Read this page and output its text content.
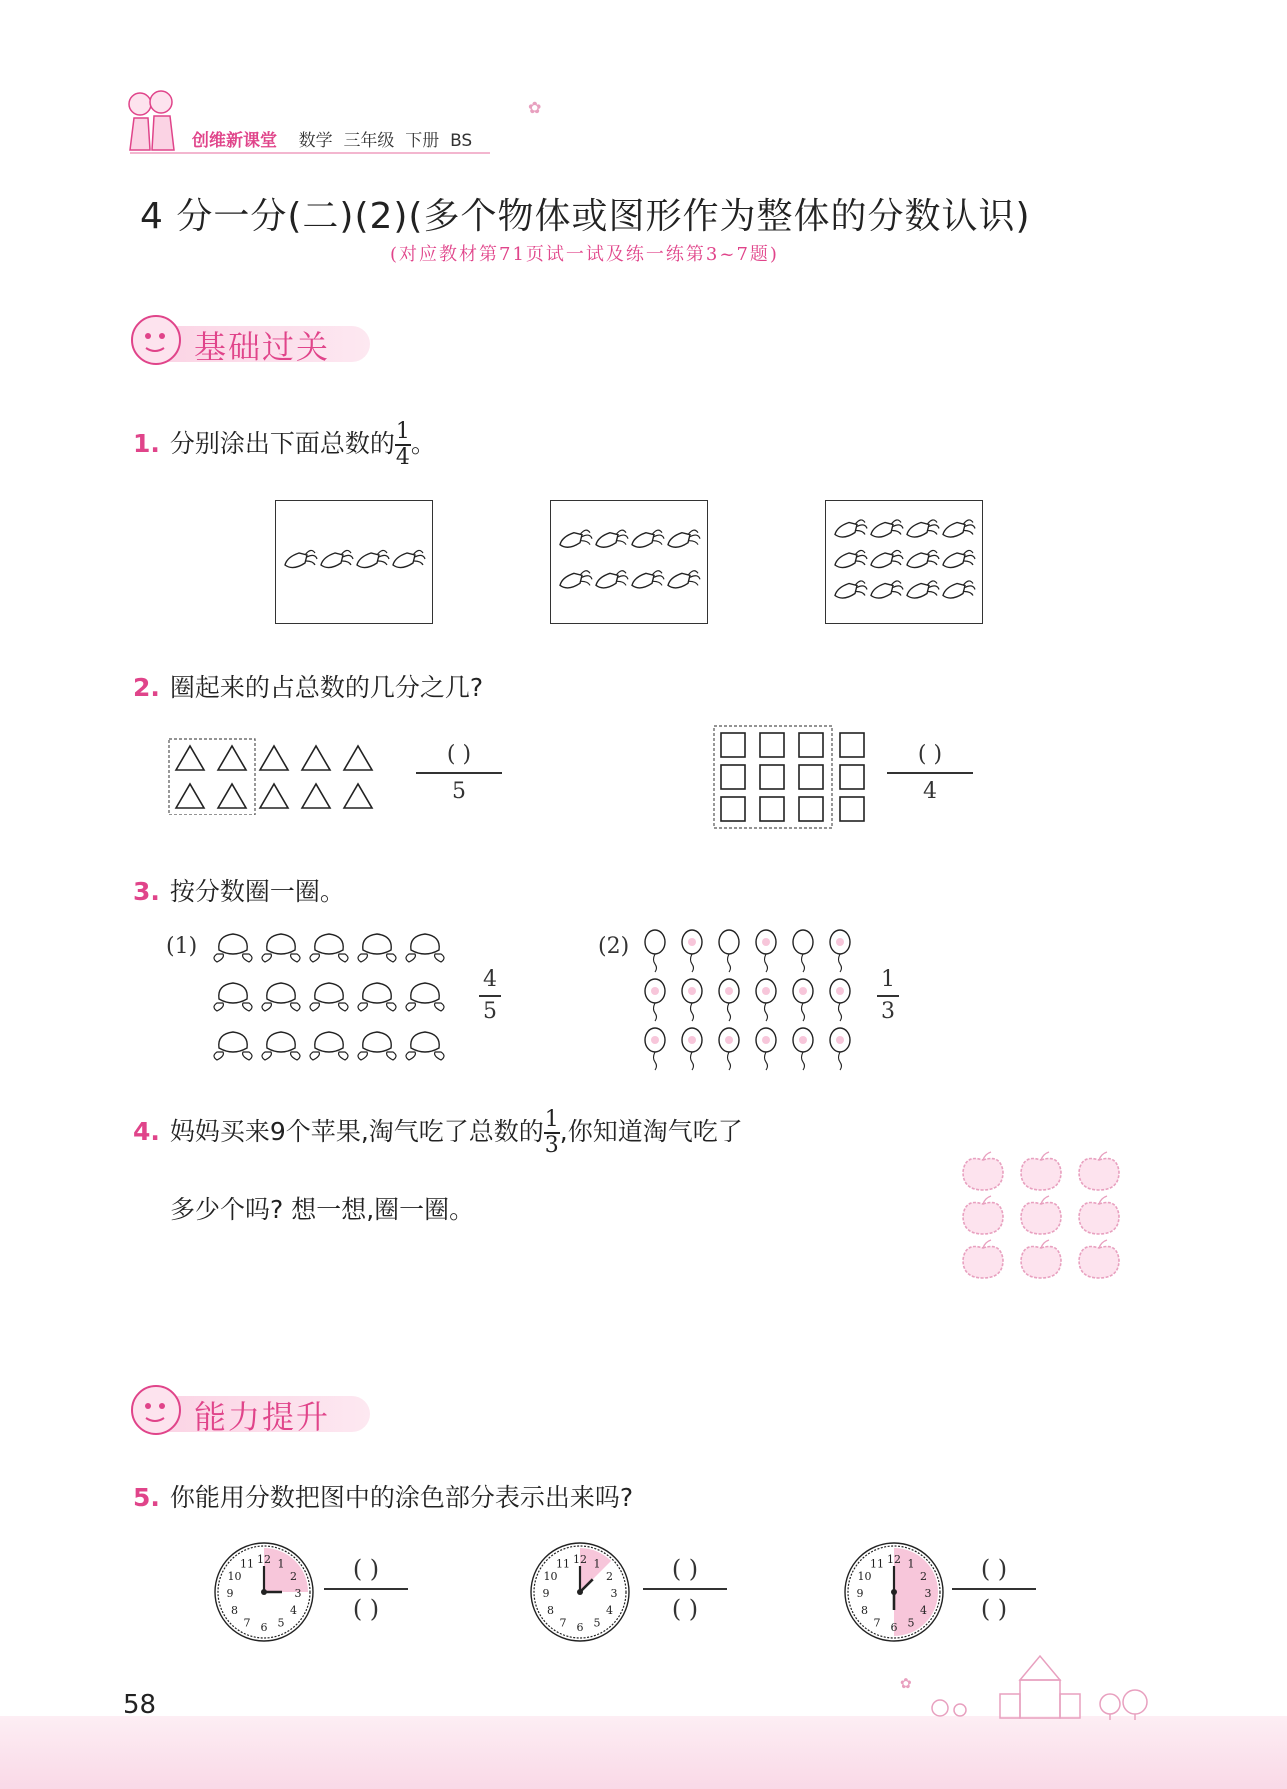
创维新课堂 数学 三年级 下册 BS
✿
4 分一分(二)(2)(多个物体或图形作为整体的分数认识)
(对应教材第71页试一试及练一练第3~7题)
基础过关
1. 分别涂出下面总数的 $\frac{1}{4}$ 。
2. 圈起来的占总数的几分之几?
( )
5
( )
4
3. 按分数圈一圈。
(1)
4
5
(2)
1
3
4. 妈妈买来9个苹果,淘气吃了总数的 $\frac{1}{3}$ ,你知道淘气吃了
多少个吗? 想一想,圈一圈。
能力提升
5. 你能用分数把图中的涂色部分表示出来吗?
12 1
2
3
4
5
6
7
8
9
10
11	12 1
2
3
4
5
6
7
8
9
10
11	12 1
2
3
4
5
6
7
8
9
10
11
( )
( )
( )
( )
( )
( )
✿
58
